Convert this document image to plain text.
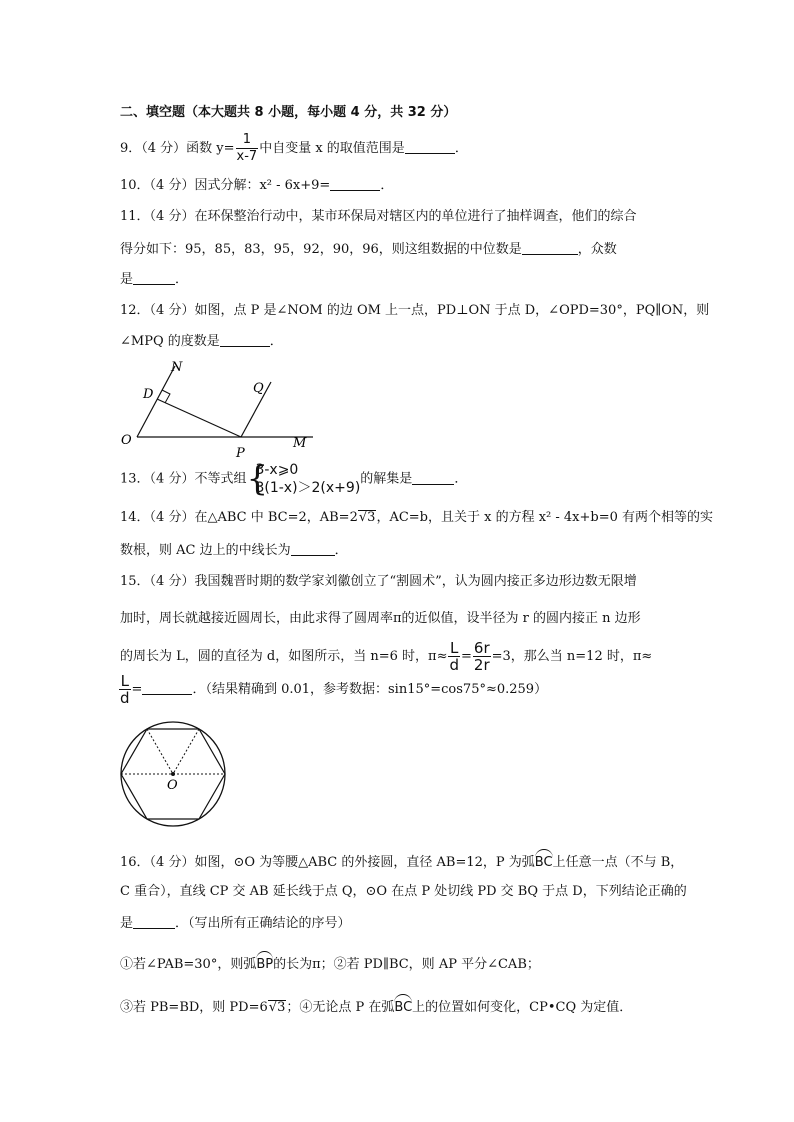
二、填空题（本大题共 8 小题，每小题 4 分，共 32 分）
9．（4 分）函数 $y= \frac{1}{x-7}$ 中自变量 x 的取值范围是	．
10．（4 分）因式分解：x² - 6x+9=	．
11．（4 分）在环保整治行动中，某市环保局对辖区内的单位进行了抽样调查，他们的综合
得分如下：95，85，83，95，92，90，96，则这组数据的中位数是	，众数
是	．
12．（4 分）如图，点 P 是∠NOM 的边 OM 上一点，PD⊥ON 于点 D，∠OPD=30°，PQ∥ON，则
∠MPQ 的度数是	．
N
D	Q
O
P
M
13．（4 分）不等式组 {
3-x⩾0
3(1-x)＞2(x+9)
的解集是	．
14．（4 分）在△ABC 中 BC=2，AB=2√3，AC=b，且关于 x 的方程 x² - 4x+b=0 有两个相等的实
数根，则 AC 边上的中线长为	．
15．（4 分）我国魏晋时期的数学家刘徽创立了“割圆术”，认为圆内接正多边形边数无限增
加时，周长就越接近圆周长，由此求得了圆周率π的近似值，设半径为 r 的圆内接正 n 边形
的周长为 L，圆的直径为 d，如图所示，当 n=6 时，$\pi\approx \frac{L}{d} = \frac{6r}{2r} =3$，那么当 n=12 时，π≈
$\frac{L}{d}$ =	．（结果精确到 0.01，参考数据：sin15°=cos75°≈0.259）
O
16．（4 分）如图，⊙O 为等腰△ABC 的外接圆，直径 AB=12，P 为弧BC上任意一点（不与 B，
C 重合），直线 CP 交 AB 延长线于点 Q，⊙O 在点 P 处切线 PD 交 BQ 于点 D，下列结论正确的
是	．（写出所有正确结论的序号）
①若∠PAB=30°，则弧BP的长为π；②若 PD∥BC，则 AP 平分∠CAB；
③若 PB=BD，则 PD=6√3；④无论点 P 在弧BC上的位置如何变化，CP•CQ 为定值．
